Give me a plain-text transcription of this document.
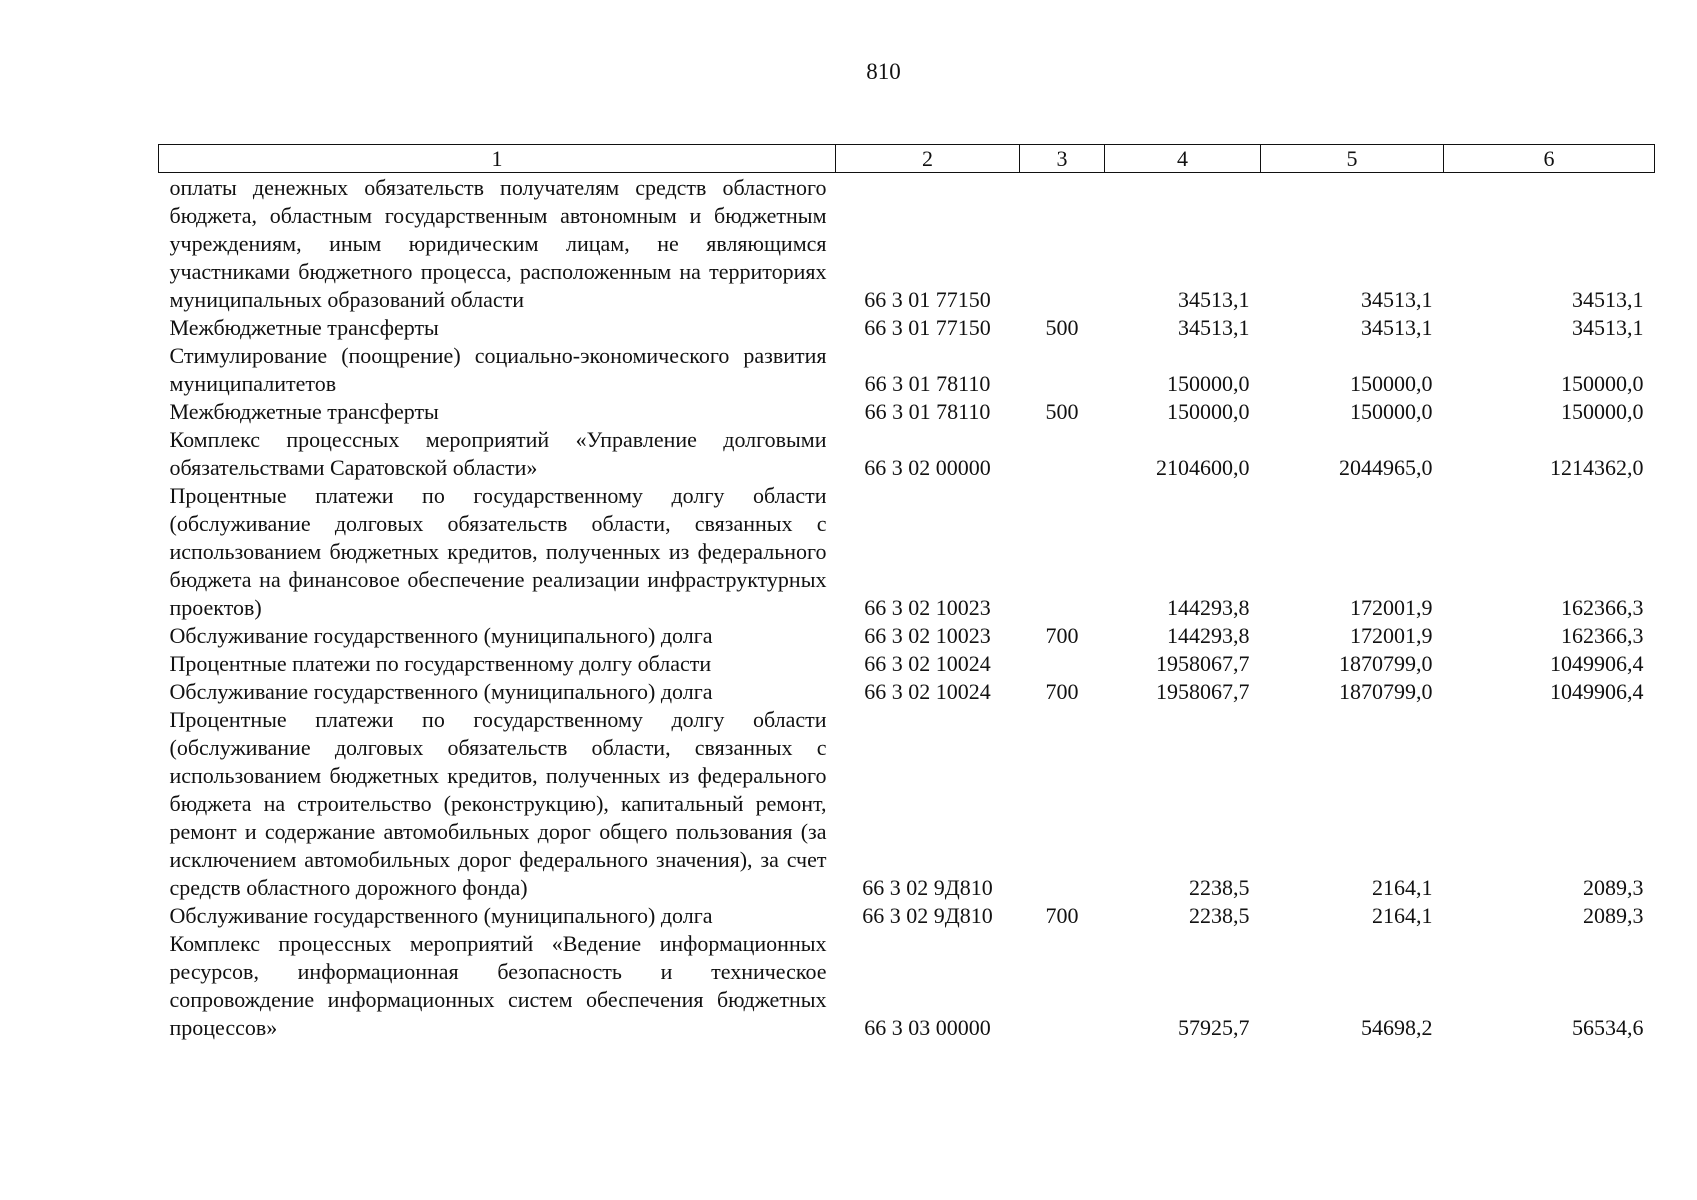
810
1	2	3	4	5	6
оплаты денежных обязательств получателям средств областного бюджета, областным государственным автономным и бюджетным учреждениям, иным юридическим лицам, не являющимся участниками бюджетного процесса, расположенным на территориях муниципальных образований области	66 3 01 77150		34513,1	34513,1	34513,1
Межбюджетные трансферты	66 3 01 77150	500	34513,1	34513,1	34513,1
Стимулирование (поощрение) социально-экономического развития муниципалитетов	66 3 01 78110		150000,0	150000,0	150000,0
Межбюджетные трансферты	66 3 01 78110	500	150000,0	150000,0	150000,0
Комплекс процессных мероприятий «Управление долговыми обязательствами Саратовской области»	66 3 02 00000		2104600,0	2044965,0	1214362,0
Процентные платежи по государственному долгу области (обслуживание долговых обязательств области, связанных с использованием бюджетных кредитов, полученных из федерального бюджета на финансовое обеспечение реализации инфраструктурных проектов)	66 3 02 10023		144293,8	172001,9	162366,3
Обслуживание государственного (муниципального) долга	66 3 02 10023	700	144293,8	172001,9	162366,3
Процентные платежи по государственному долгу области	66 3 02 10024		1958067,7	1870799,0	1049906,4
Обслуживание государственного (муниципального) долга	66 3 02 10024	700	1958067,7	1870799,0	1049906,4
Процентные платежи по государственному долгу области (обслуживание долговых обязательств области, связанных с использованием бюджетных кредитов, полученных из федерального бюджета на строительство (реконструкцию), капитальный ремонт, ремонт и содержание автомобильных дорог общего пользования (за исключением автомобильных дорог федерального значения), за счет средств областного дорожного фонда)	66 3 02 9Д810		2238,5	2164,1	2089,3
Обслуживание государственного (муниципального) долга	66 3 02 9Д810	700	2238,5	2164,1	2089,3
Комплекс процессных мероприятий «Ведение информационных ресурсов, информационная безопасность и техническое сопровождение информационных систем обеспечения бюджетных процессов»	66 3 03 00000		57925,7	54698,2	56534,6
